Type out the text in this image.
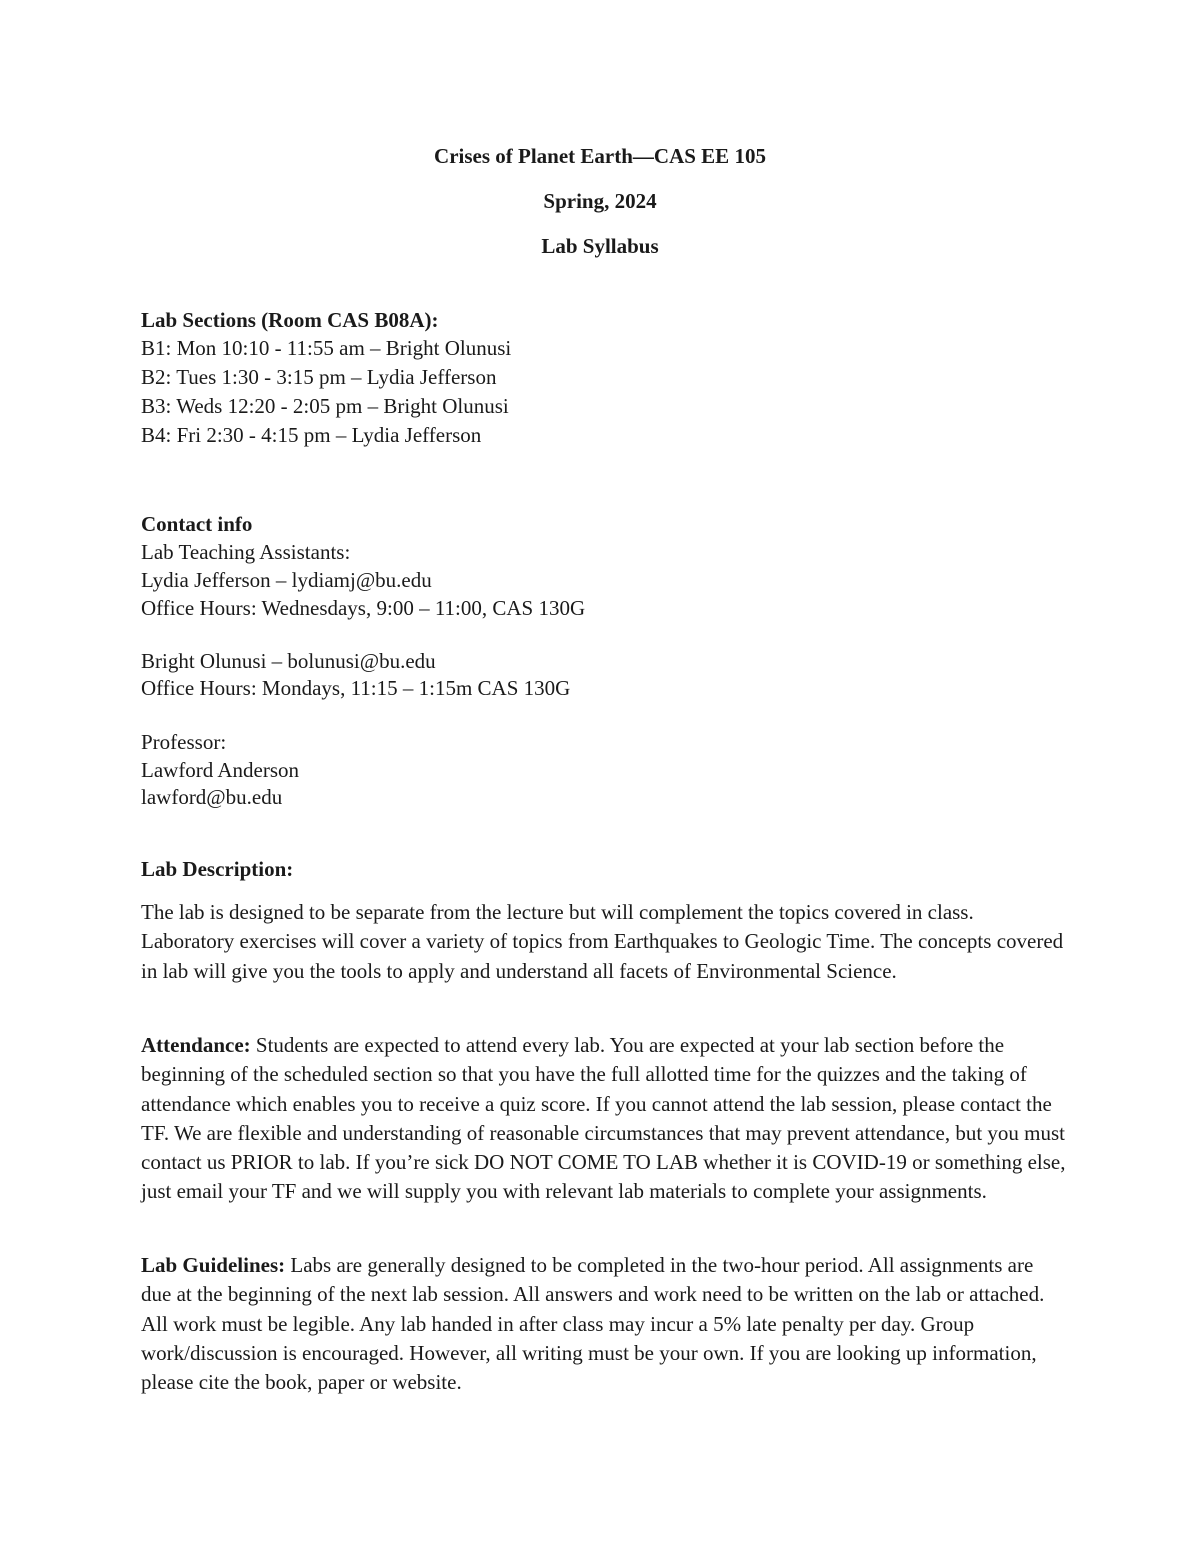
Crises of Planet Earth—CAS EE 105
Spring, 2024
Lab Syllabus
Lab Sections (Room CAS B08A):
B1: Mon 10:10 - 11:55 am – Bright Olunusi
B2: Tues 1:30 - 3:15 pm – Lydia Jefferson
B3: Weds 12:20 - 2:05 pm – Bright Olunusi
B4: Fri 2:30 - 4:15 pm – Lydia Jefferson
Contact info
Lab Teaching Assistants:
Lydia Jefferson – lydiamj@bu.edu
Office Hours: Wednesdays, 9:00 – 11:00, CAS 130G
Bright Olunusi – bolunusi@bu.edu
Office Hours: Mondays, 11:15 – 1:15m CAS 130G
Professor:
Lawford Anderson
lawford@bu.edu
Lab Description:
The lab is designed to be separate from the lecture but will complement the topics covered in class. Laboratory exercises will cover a variety of topics from Earthquakes to Geologic Time. The concepts covered in lab will give you the tools to apply and understand all facets of Environmental Science.
Attendance: Students are expected to attend every lab. You are expected at your lab section before the beginning of the scheduled section so that you have the full allotted time for the quizzes and the taking of attendance which enables you to receive a quiz score. If you cannot attend the lab session, please contact the TF. We are flexible and understanding of reasonable circumstances that may prevent attendance, but you must contact us PRIOR to lab. If you’re sick DO NOT COME TO LAB whether it is COVID-19 or something else, just email your TF and we will supply you with relevant lab materials to complete your assignments.
Lab Guidelines: Labs are generally designed to be completed in the two-hour period. All assignments are due at the beginning of the next lab session. All answers and work need to be written on the lab or attached. All work must be legible. Any lab handed in after class may incur a 5% late penalty per day. Group work/discussion is encouraged. However, all writing must be your own. If you are looking up information, please cite the book, paper or website.
